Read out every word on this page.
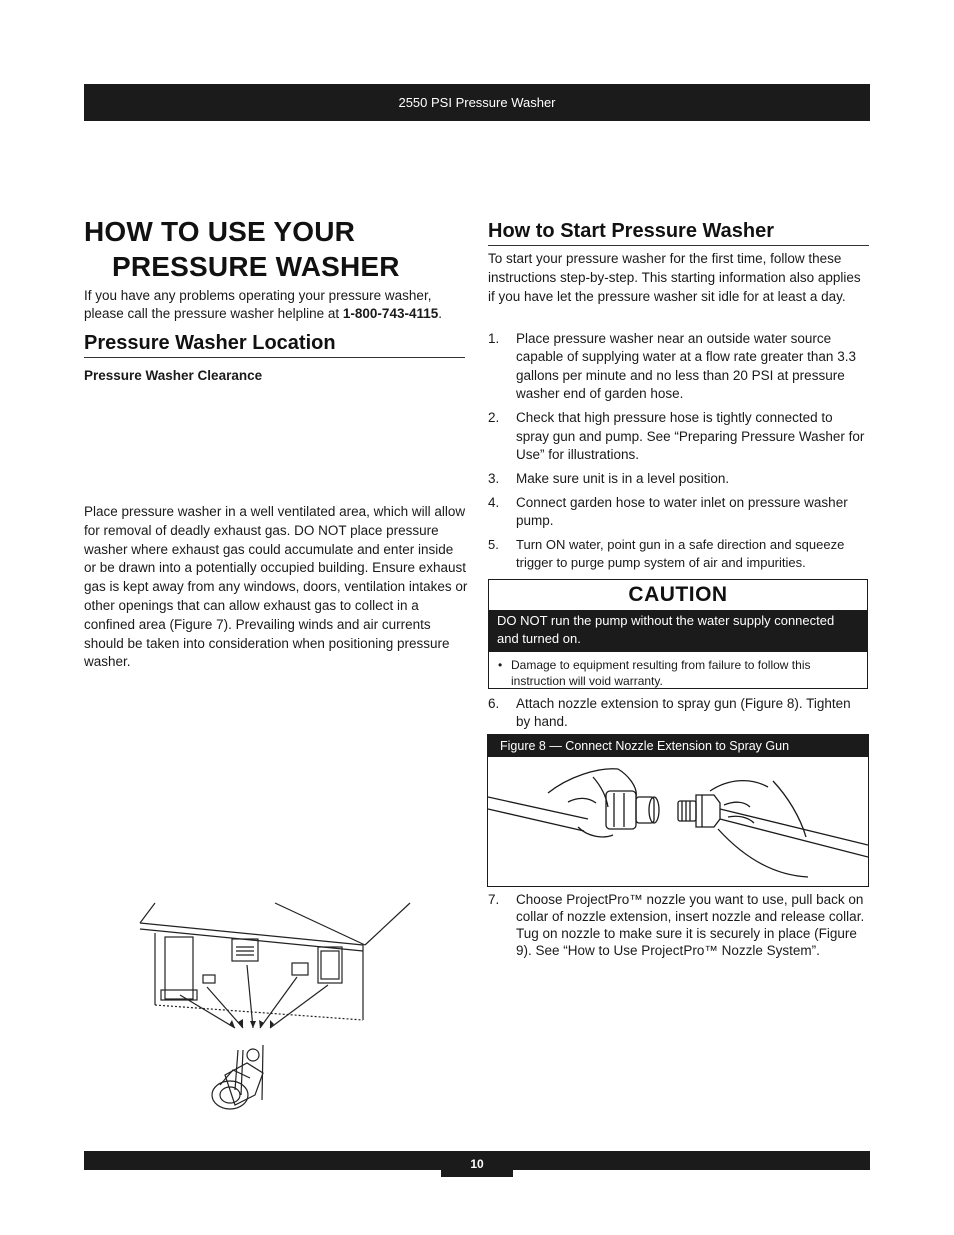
2550 PSI Pressure Washer
HOW TO USE YOUR
PRESSURE WASHER
If you have any problems operating your pressure washer, please call the pressure washer helpline at 1-800-743-4115.
Pressure Washer Location
Pressure Washer Clearance
Place pressure washer in a well ventilated area, which will allow for removal of deadly exhaust gas. DO NOT place pressure washer where exhaust gas could accumulate and enter inside or be drawn into a potentially occupied building. Ensure exhaust gas is kept away from any windows, doors, ventilation intakes or other openings that can allow exhaust gas to collect in a confined area (Figure 7). Prevailing winds and air currents should be taken into consideration when positioning pressure washer.
How to Start Pressure Washer
To start your pressure washer for the first time, follow these instructions step-by-step. This starting information also applies if you have let the pressure washer sit idle for at least a day.
1. Place pressure washer near an outside water source capable of supplying water at a flow rate greater than 3.3 gallons per minute and no less than 20 PSI at pressure washer end of garden hose.
2. Check that high pressure hose is tightly connected to spray gun and pump. See “Preparing Pressure Washer for Use” for illustrations.
3. Make sure unit is in a level position.
4. Connect garden hose to water inlet on pressure washer pump.
5. Turn ON water, point gun in a safe direction and squeeze trigger to purge pump system of air and impurities.
CAUTION
DO NOT run the pump without the water supply connected and turned on.
• Damage to equipment resulting from failure to follow this instruction will void warranty.
6. Attach nozzle extension to spray gun (Figure 8). Tighten by hand.
Figure 8 — Connect Nozzle Extension to Spray Gun
7. Choose ProjectPro™ nozzle you want to use, pull back on collar of nozzle extension, insert nozzle and release collar. Tug on nozzle to make sure it is securely in place (Figure 9). See “How to Use ProjectPro™ Nozzle System”.
10
